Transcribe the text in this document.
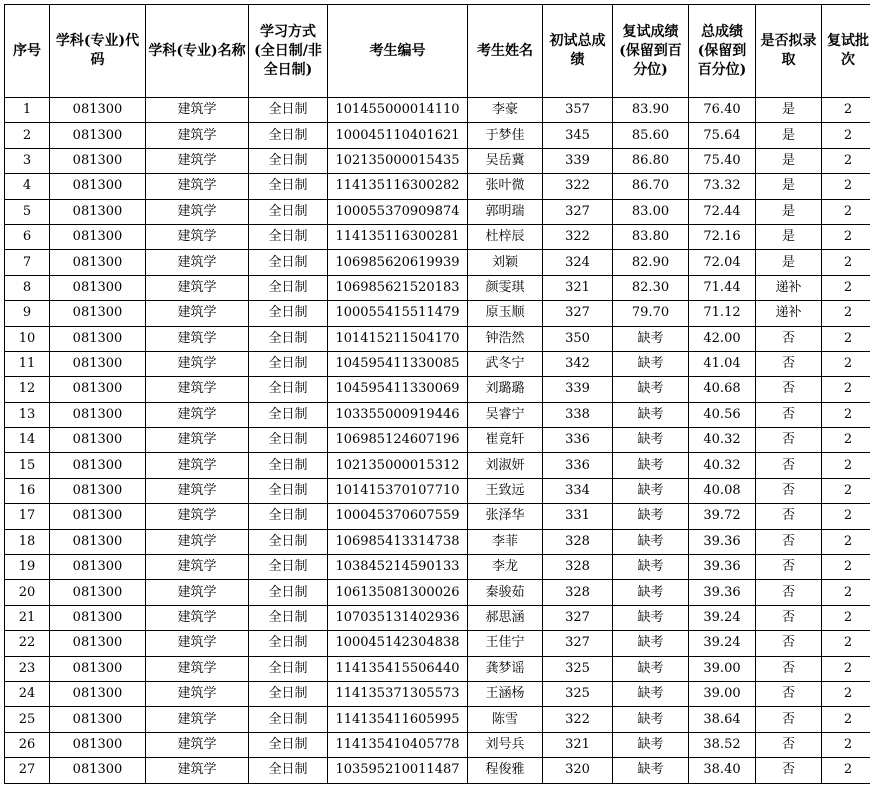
序号	学科(专业)代码	学科(专业)名称	学习方式(全日制/非全日制)	考生编号	考生姓名	初试总成绩	复试成绩(保留到百分位)	总成绩(保留到百分位)	是否拟录取	复试批次
1	081300	建筑学	全日制	101455000014110	李豪	357	83.90	76.40	是	2
2	081300	建筑学	全日制	100045110401621	于梦佳	345	85.60	75.64	是	2
3	081300	建筑学	全日制	102135000015435	吴岳冀	339	86.80	75.40	是	2
4	081300	建筑学	全日制	114135116300282	张叶微	322	86.70	73.32	是	2
5	081300	建筑学	全日制	100055370909874	郭明瑞	327	83.00	72.44	是	2
6	081300	建筑学	全日制	114135116300281	杜梓辰	322	83.80	72.16	是	2
7	081300	建筑学	全日制	106985620619939	刘颖	324	82.90	72.04	是	2
8	081300	建筑学	全日制	106985621520183	颜雯琪	321	82.30	71.44	递补	2
9	081300	建筑学	全日制	100055415511479	原玉顺	327	79.70	71.12	递补	2
10	081300	建筑学	全日制	101415211504170	钟浩然	350	缺考	42.00	否	2
11	081300	建筑学	全日制	104595411330085	武冬宁	342	缺考	41.04	否	2
12	081300	建筑学	全日制	104595411330069	刘璐璐	339	缺考	40.68	否	2
13	081300	建筑学	全日制	103355000919446	吴睿宁	338	缺考	40.56	否	2
14	081300	建筑学	全日制	106985124607196	崔竟轩	336	缺考	40.32	否	2
15	081300	建筑学	全日制	102135000015312	刘淑妍	336	缺考	40.32	否	2
16	081300	建筑学	全日制	101415370107710	王致远	334	缺考	40.08	否	2
17	081300	建筑学	全日制	100045370607559	张泽华	331	缺考	39.72	否	2
18	081300	建筑学	全日制	106985413314738	李菲	328	缺考	39.36	否	2
19	081300	建筑学	全日制	103845214590133	李龙	328	缺考	39.36	否	2
20	081300	建筑学	全日制	106135081300026	秦骏茹	328	缺考	39.36	否	2
21	081300	建筑学	全日制	107035131402936	郝思涵	327	缺考	39.24	否	2
22	081300	建筑学	全日制	100045142304838	王佳宁	327	缺考	39.24	否	2
23	081300	建筑学	全日制	114135415506440	龚梦谣	325	缺考	39.00	否	2
24	081300	建筑学	全日制	114135371305573	王涵杨	325	缺考	39.00	否	2
25	081300	建筑学	全日制	114135411605995	陈雪	322	缺考	38.64	否	2
26	081300	建筑学	全日制	114135410405778	刘号兵	321	缺考	38.52	否	2
27	081300	建筑学	全日制	103595210011487	程俊雅	320	缺考	38.40	否	2
